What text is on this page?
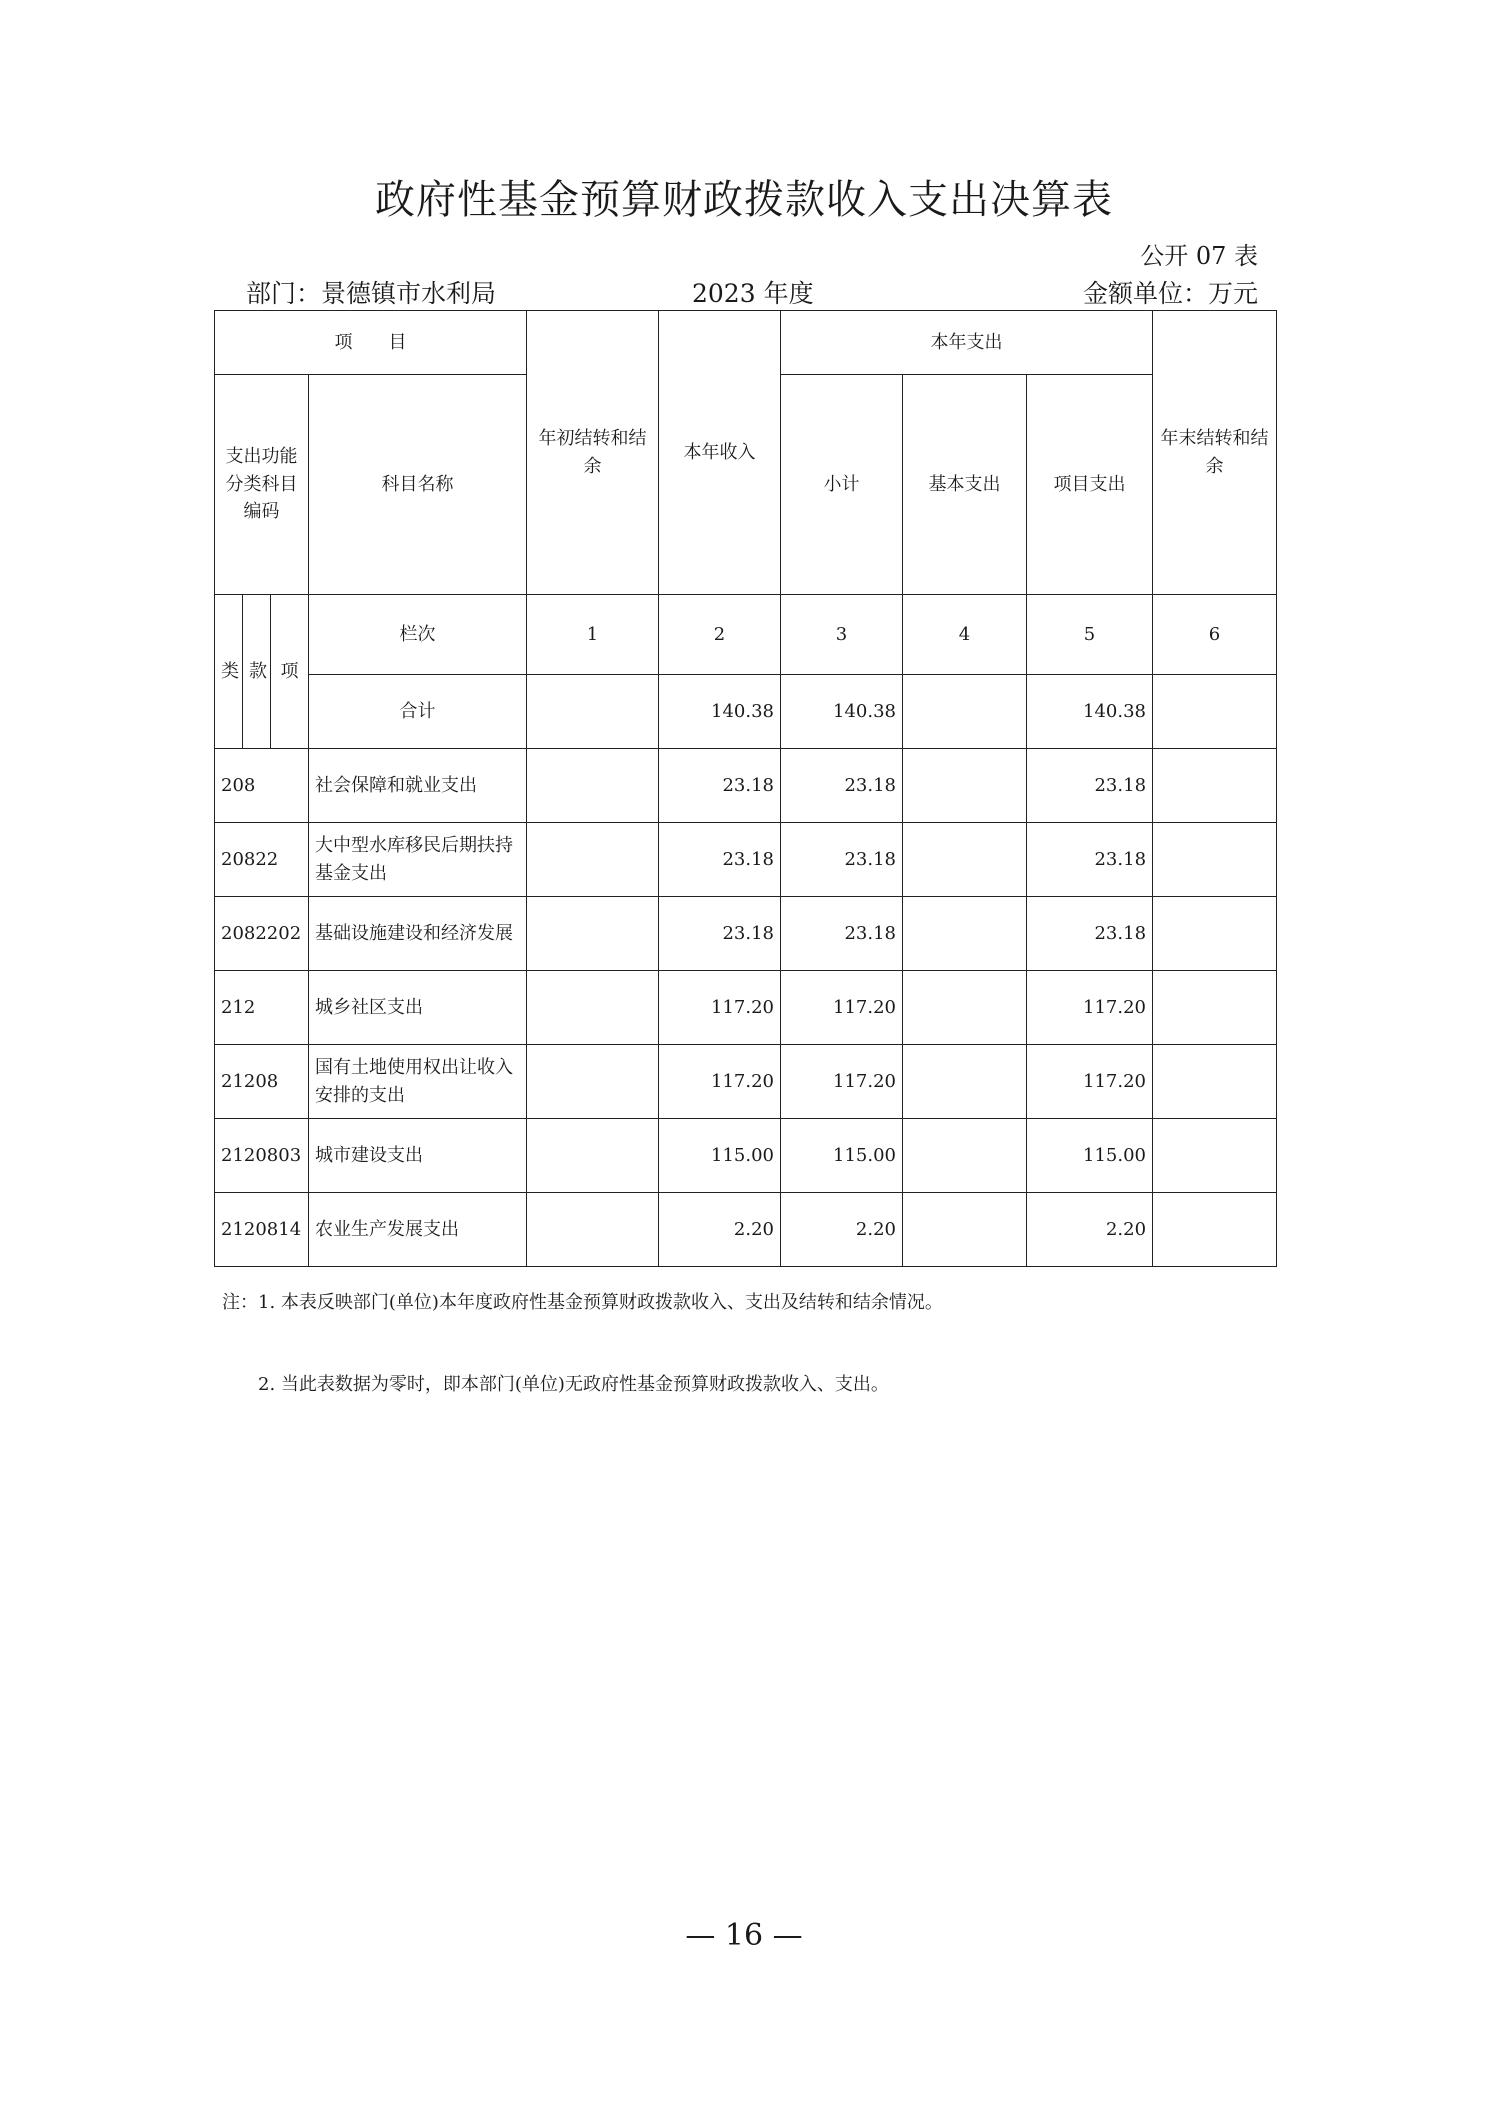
政府性基金预算财政拨款收入支出决算表
公开 07 表
部门：景德镇市水利局	2023 年度	金额单位：万元
项　　目				年初结转和结余	本年收入	本年支出			年末结转和结余
支出功能分类科目编码			科目名称			小计	基本支出	项目支出	
类	款	项	栏次	1	2	3	4	5	6
			合计		140.38	140.38		140.38	
208			社会保障和就业支出		23.18	23.18		23.18	
20822			大中型水库移民后期扶持基金支出		23.18	23.18		23.18	
2082202			基础设施建设和经济发展		23.18	23.18		23.18	
212			城乡社区支出		117.20	117.20		117.20	
21208			国有土地使用权出让收入安排的支出		117.20	117.20		117.20	
2120803			城市建设支出		115.00	115.00		115.00	
2120814			农业生产发展支出		2.20	2.20		2.20	
注：1. 本表反映部门(单位)本年度政府性基金预算财政拨款收入、支出及结转和结余情况。
2. 当此表数据为零时，即本部门(单位)无政府性基金预算财政拨款收入、支出。
— 16 —
